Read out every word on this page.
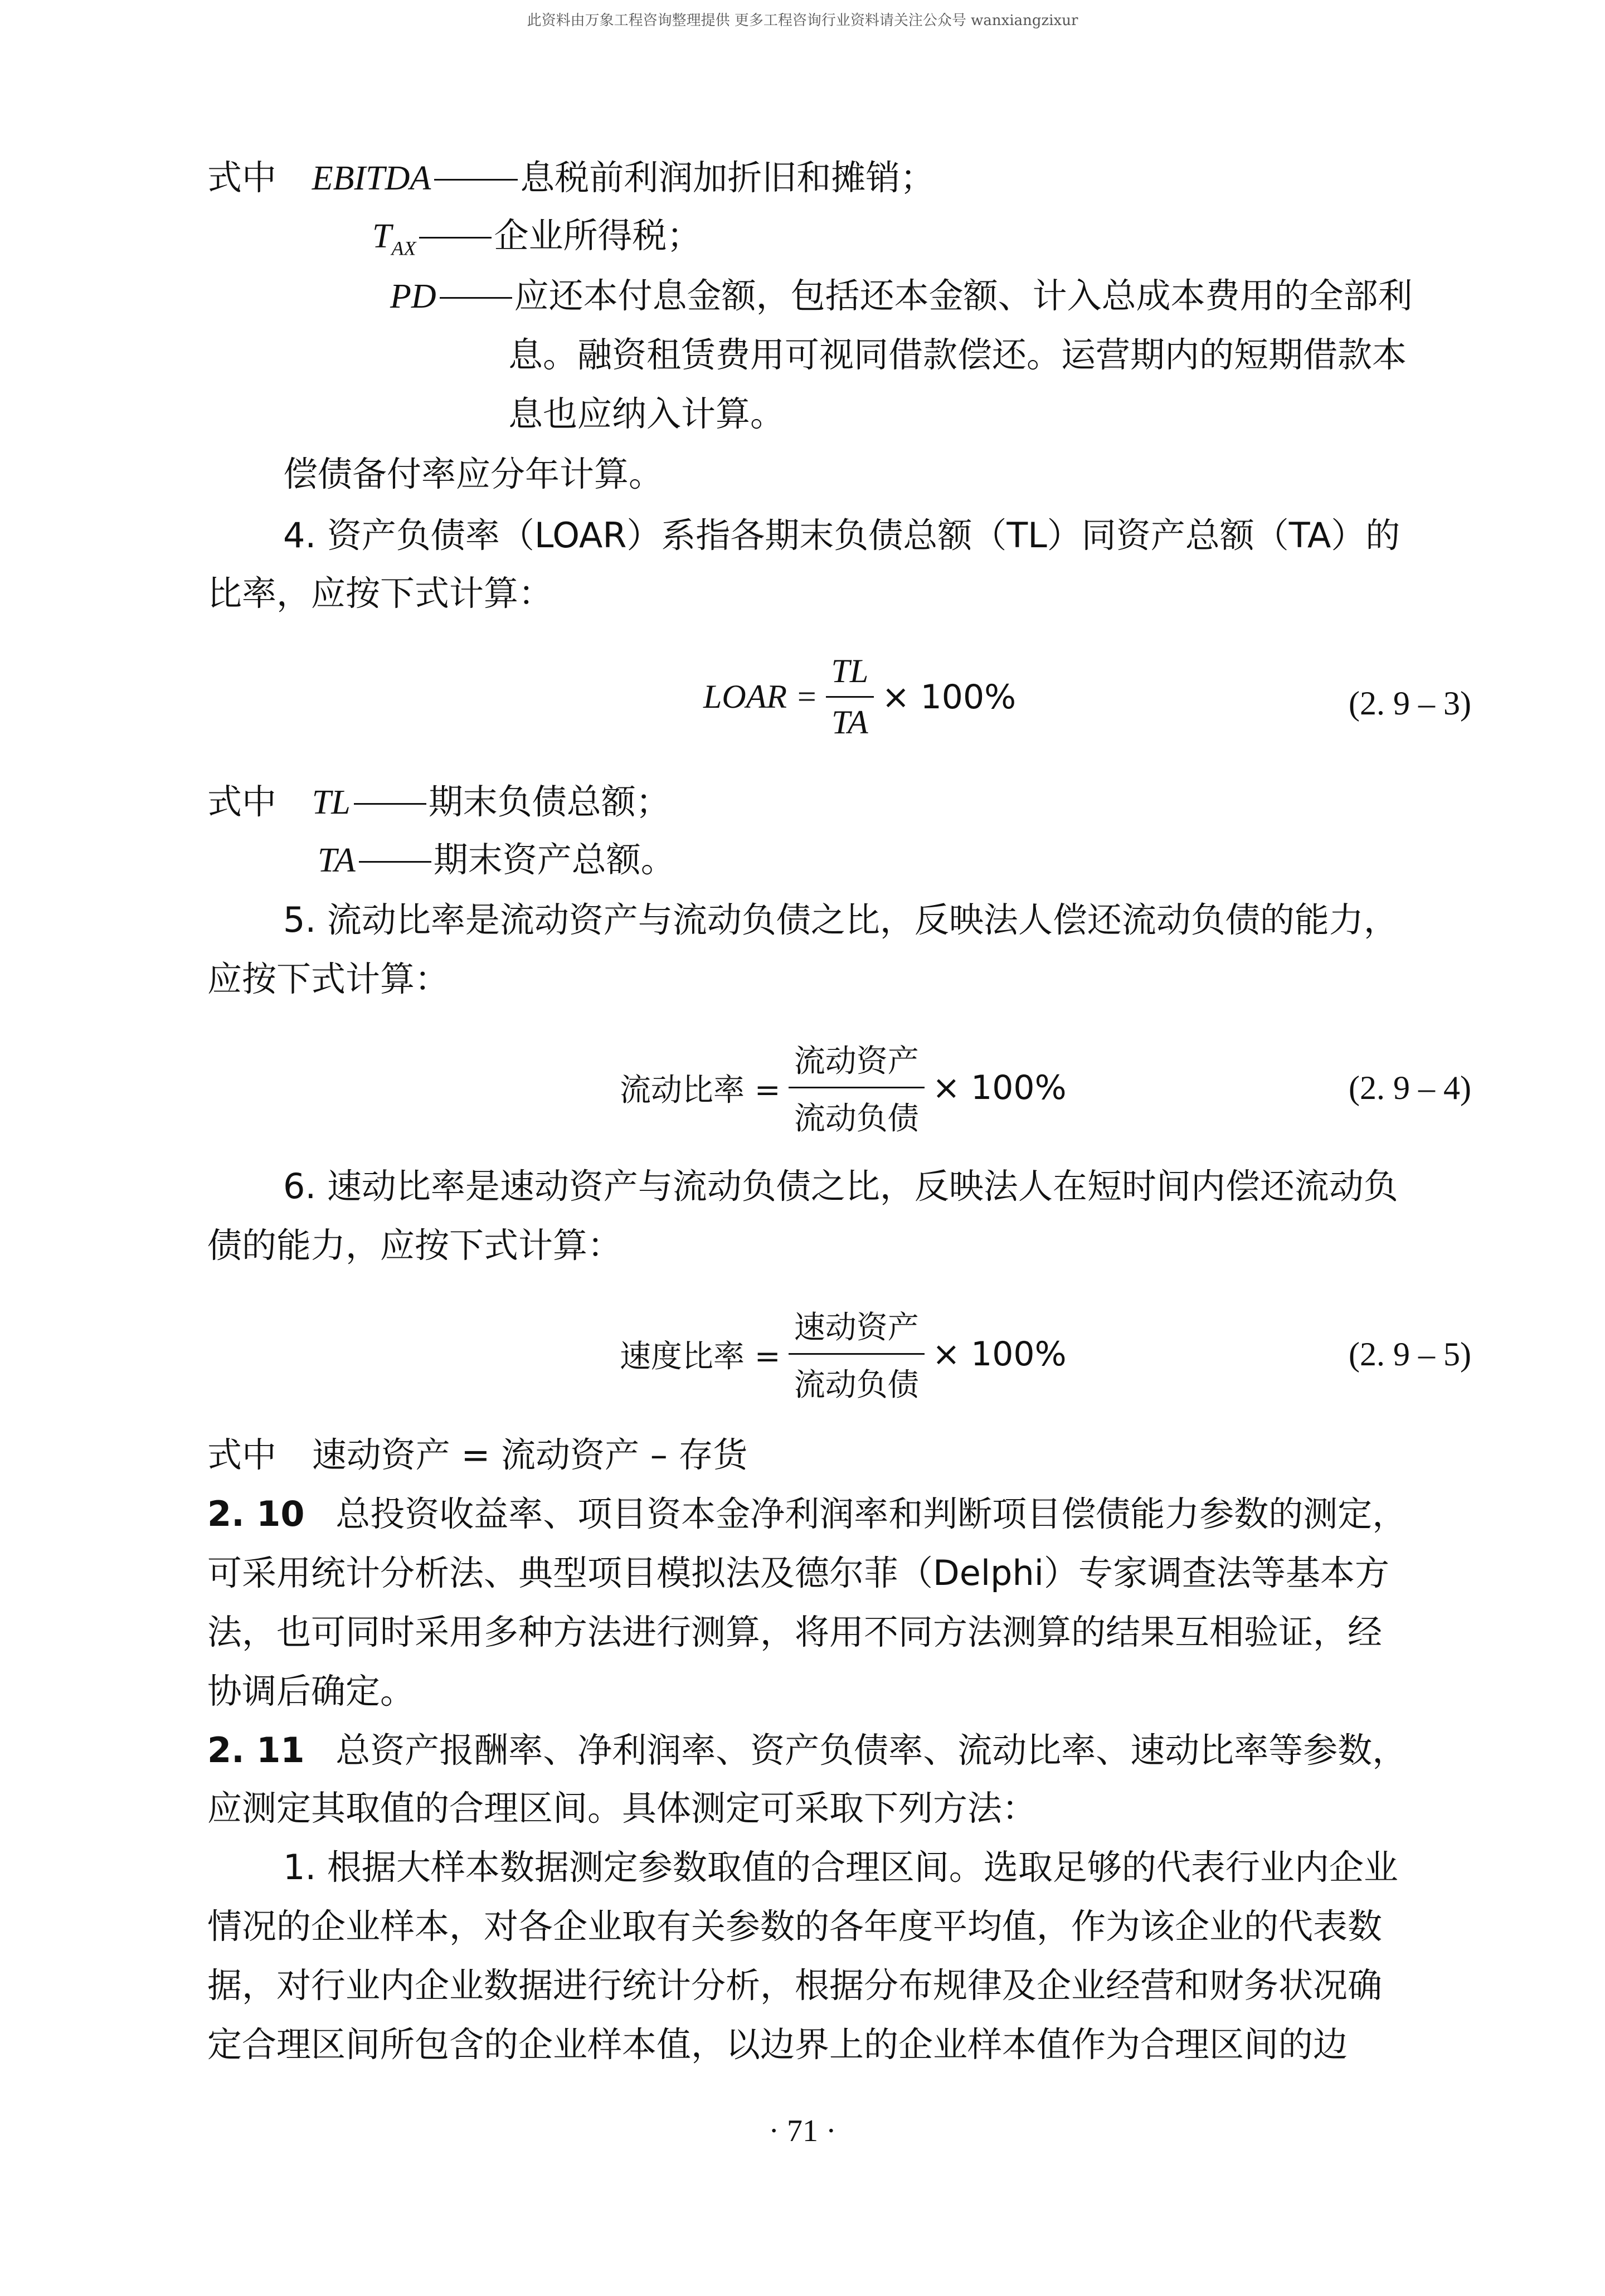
此资料由万象工程咨询整理提供 更多工程咨询行业资料请关注公众号 wanxiangzixur
式中 EBITDA	息税前利润加折旧和摊销；
$T_{AX}$ 企业所得税；
PD 应还本付息金额，包括还本金额、计入总成本费用的全部利
息。融资租赁费用可视同借款偿还。运营期内的短期借款本
息也应纳入计算。
偿债备付率应分年计算。
4. 资产负债率（LOAR）系指各期末负债总额（TL）同资产总额（TA）的
比率，应按下式计算：
LOAR = $\frac{TL}{TA} \times 100\%$	(2. 9 – 3)
式中 TL 期末负债总额；
TA 期末资产总额。
5. 流动比率是流动资产与流动负债之比，反映法人偿还流动负债的能力，
应按下式计算：
流动比率 = $\frac{\text{流动资产}}{\text{流动负债}} \times 100\%$	(2. 9 – 4)
6. 速动比率是速动资产与流动负债之比，反映法人在短时间内偿还流动负
债的能力，应按下式计算：
速度比率 = $\frac{\text{速动资产}}{\text{流动负债}} \times 100\%$	(2. 9 – 5)
式中 速动资产 = 流动资产 – 存货
2. 10 总投资收益率、项目资本金净利润率和判断项目偿债能力参数的测定，
可采用统计分析法、典型项目模拟法及德尔菲（Delphi）专家调查法等基本方
法，也可同时采用多种方法进行测算，将用不同方法测算的结果互相验证，经
协调后确定。
2. 11 总资产报酬率、净利润率、资产负债率、流动比率、速动比率等参数，
应测定其取值的合理区间。具体测定可采取下列方法：
1. 根据大样本数据测定参数取值的合理区间。选取足够的代表行业内企业
情况的企业样本，对各企业取有关参数的各年度平均值，作为该企业的代表数
据，对行业内企业数据进行统计分析，根据分布规律及企业经营和财务状况确
定合理区间所包含的企业样本值，以边界上的企业样本值作为合理区间的边
· 71 ·
